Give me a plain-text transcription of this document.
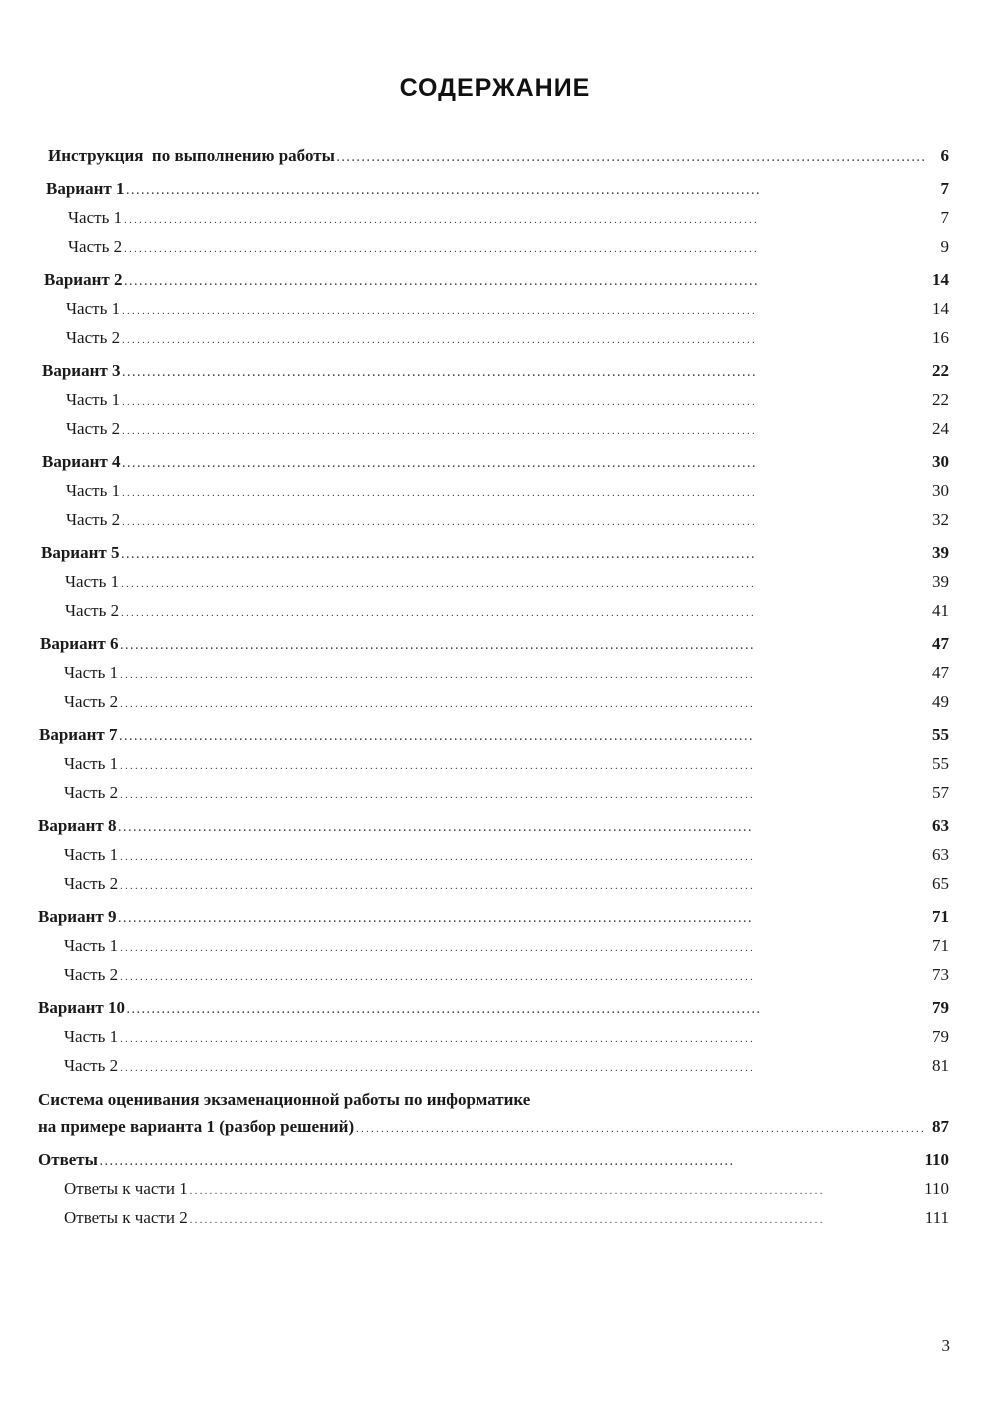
СОДЕРЖАНИЕ
Инструкция  по выполнению работы . . .	6
Вариант 1 . . .	7
Часть 1 . . .	7
Часть 2 . . .	9
Вариант 2 . . .	14
Часть 1 . . .	14
Часть 2 . . .	16
Вариант 3 . . .	22
Часть 1 . . .	22
Часть 2 . . .	24
Вариант 4 . . .	30
Часть 1 . . .	30
Часть 2 . . .	32
Вариант 5 . . .	39
Часть 1 . . .	39
Часть 2 . . .	41
Вариант 6 . . .	47
Часть 1 . . .	47
Часть 2 . . .	49
Вариант 7 . . .	55
Часть 1 . . .	55
Часть 2 . . .	57
Вариант 8 . . .	63
Часть 1 . . .	63
Часть 2 . . .	65
Вариант 9 . . .	71
Часть 1 . . .	71
Часть 2 . . .	73
Вариант 10 . . .	79
Часть 1 . . .	79
Часть 2 . . .	81
Система оценивания экзаменационной работы по информатике
на примере варианта 1 (разбор решений) . . .	87
Ответы . . .	110
Ответы к части 1 . . .	110
Ответы к части 2 . . .	111
3
